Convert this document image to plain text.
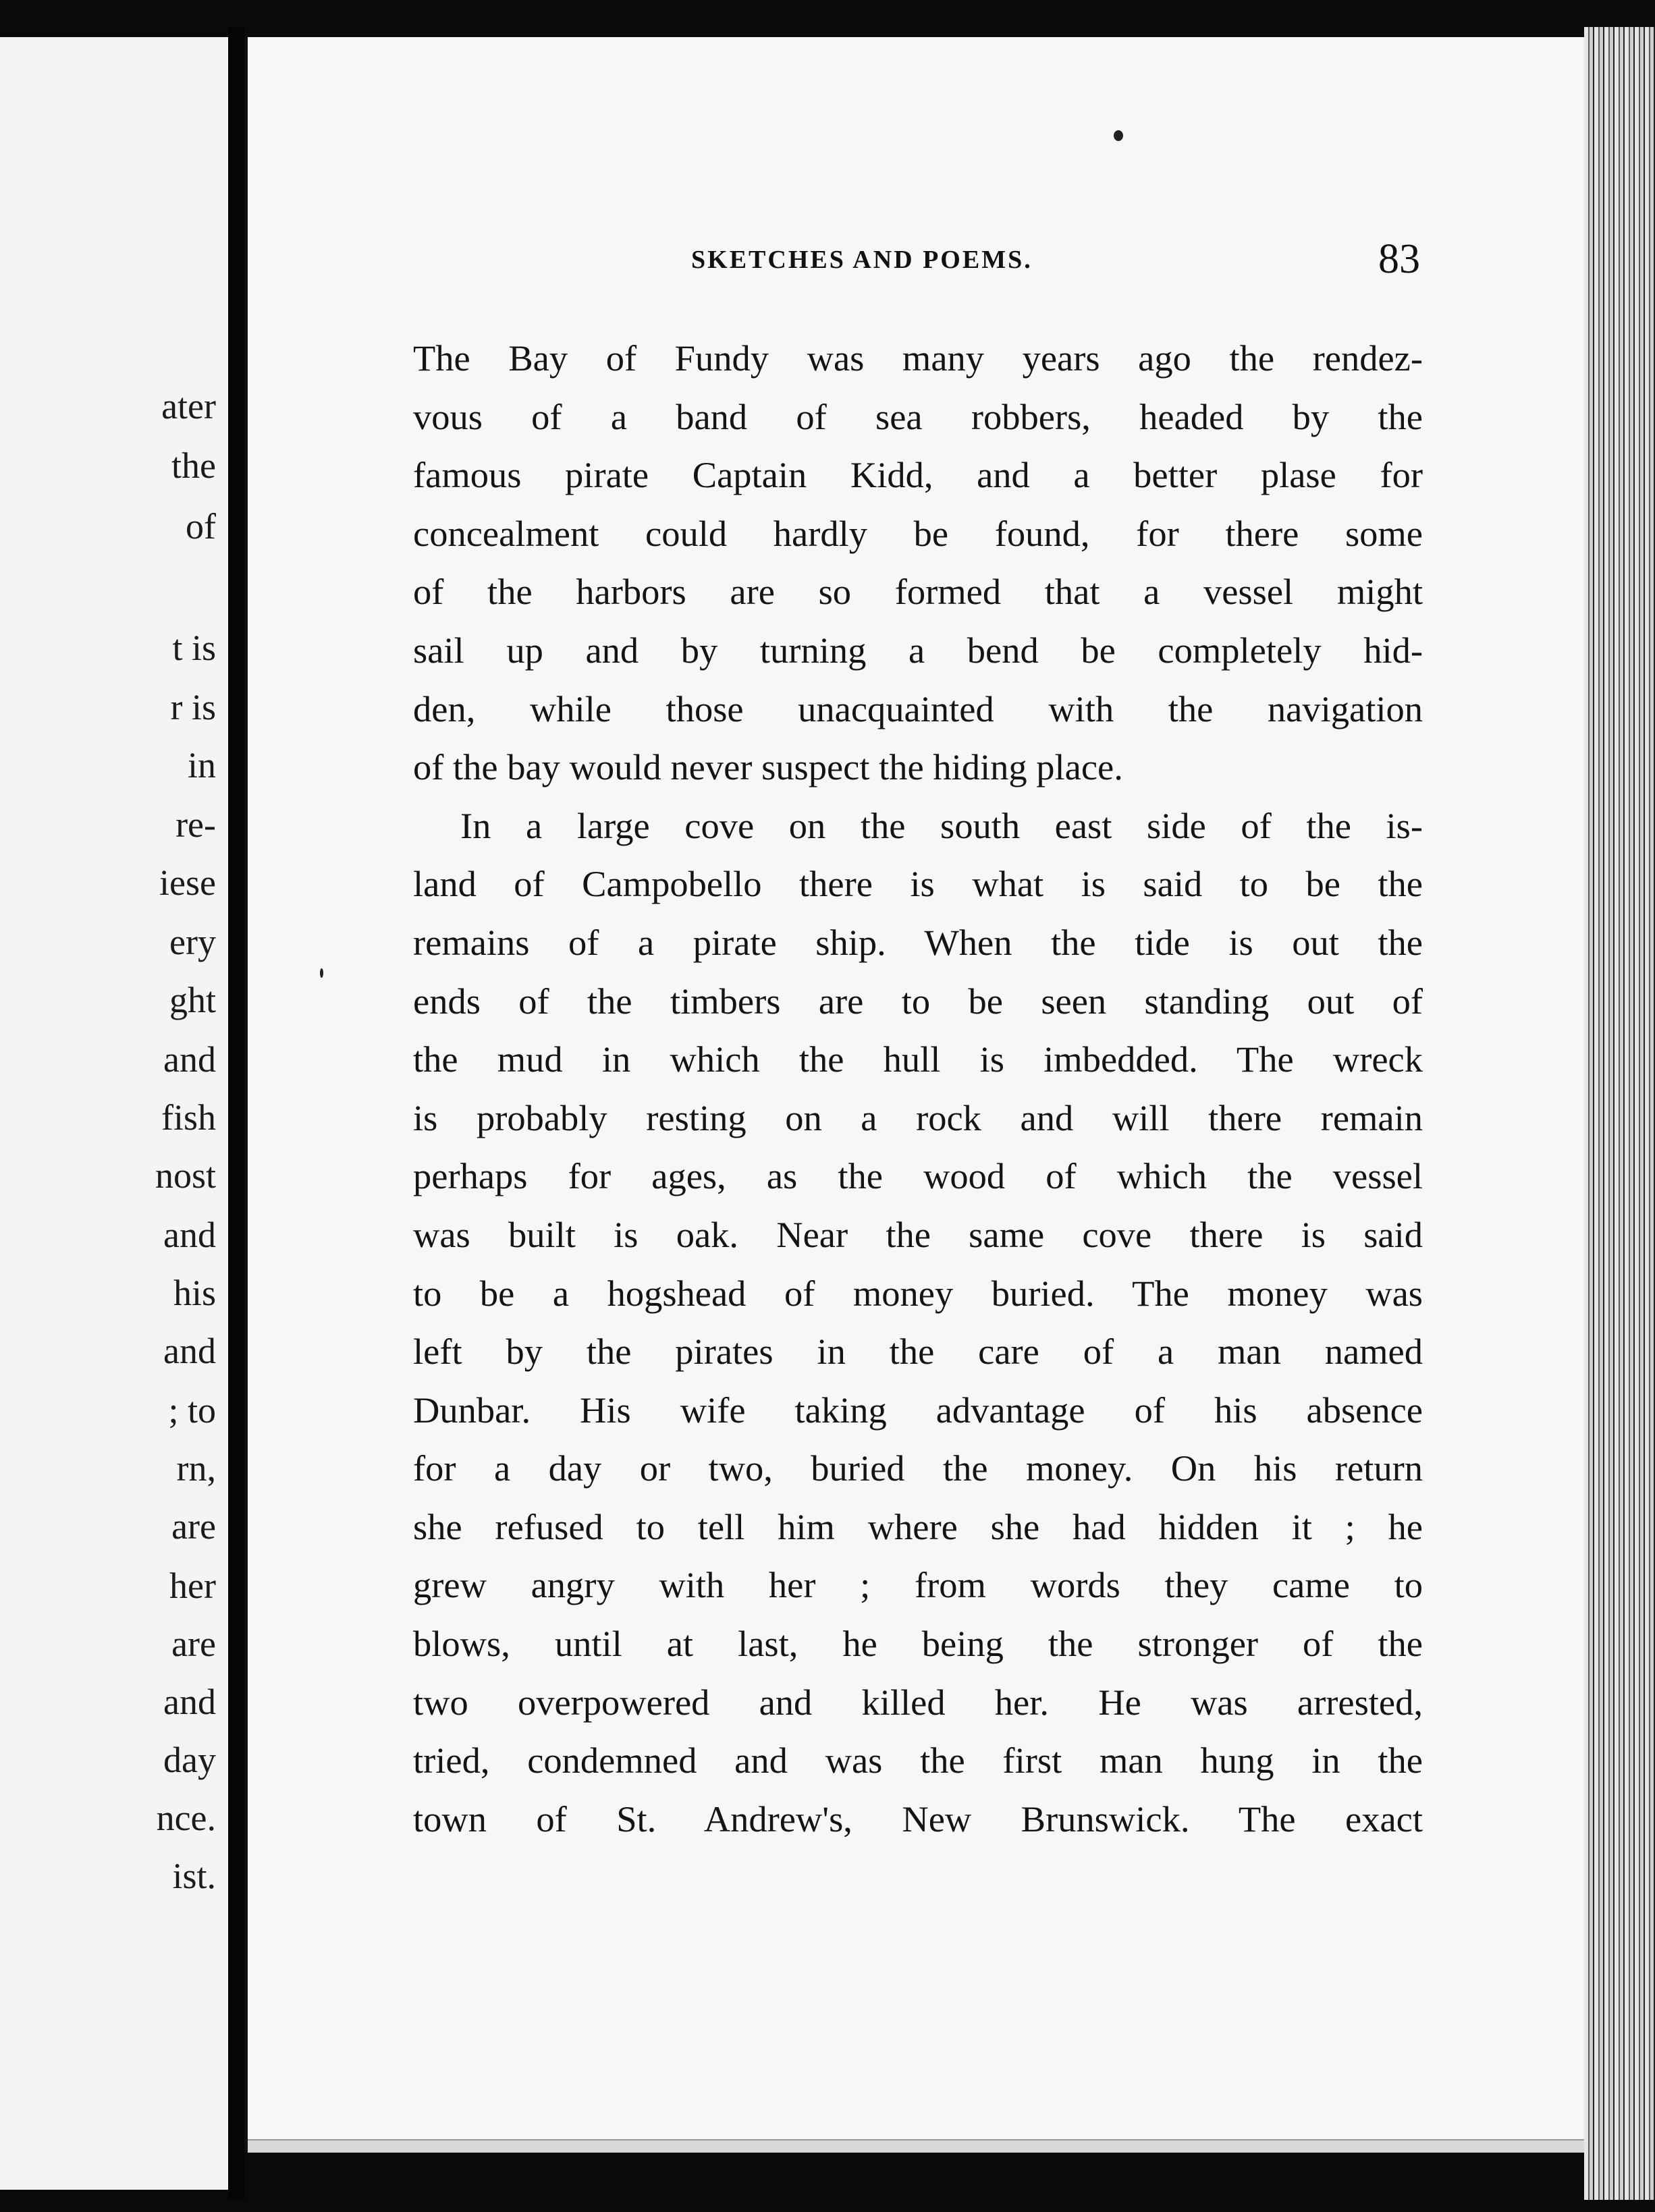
ater
the
of
t is
r is
in
re-
iese
ery
ght
and
fish
nost
and
his
and
; to
rn,
are
her
are
and
day
nce.
ist.
SKETCHES AND POEMS.	83
The Bay of Fundy was many years ago the rendez-
vous of a band of sea robbers, headed by the
famous pirate Captain Kidd, and a better plase for
concealment could hardly be found, for there some
of the harbors are so formed that a vessel might
sail up and by turning a bend be completely hid-
den, while those unacquainted with the navigation
of the bay would never suspect the hiding place.
In a large cove on the south east side of the is-
land of Campobello there is what is said to be the
remains of a pirate ship. When the tide is out the
ends of the timbers are to be seen standing out of
the mud in which the hull is imbedded. The wreck
is probably resting on a rock and will there remain
perhaps for ages, as the wood of which the vessel
was built is oak. Near the same cove there is said
to be a hogshead of money buried. The money was
left by the pirates in the care of a man named
Dunbar. His wife taking advantage of his absence
for a day or two, buried the money. On his return
she refused to tell him where she had hidden it ; he
grew angry with her ; from words they came to
blows, until at last, he being the stronger of the
two overpowered and killed her. He was arrested,
tried, condemned and was the first man hung in the
town of St. Andrew's, New Brunswick. The exact
